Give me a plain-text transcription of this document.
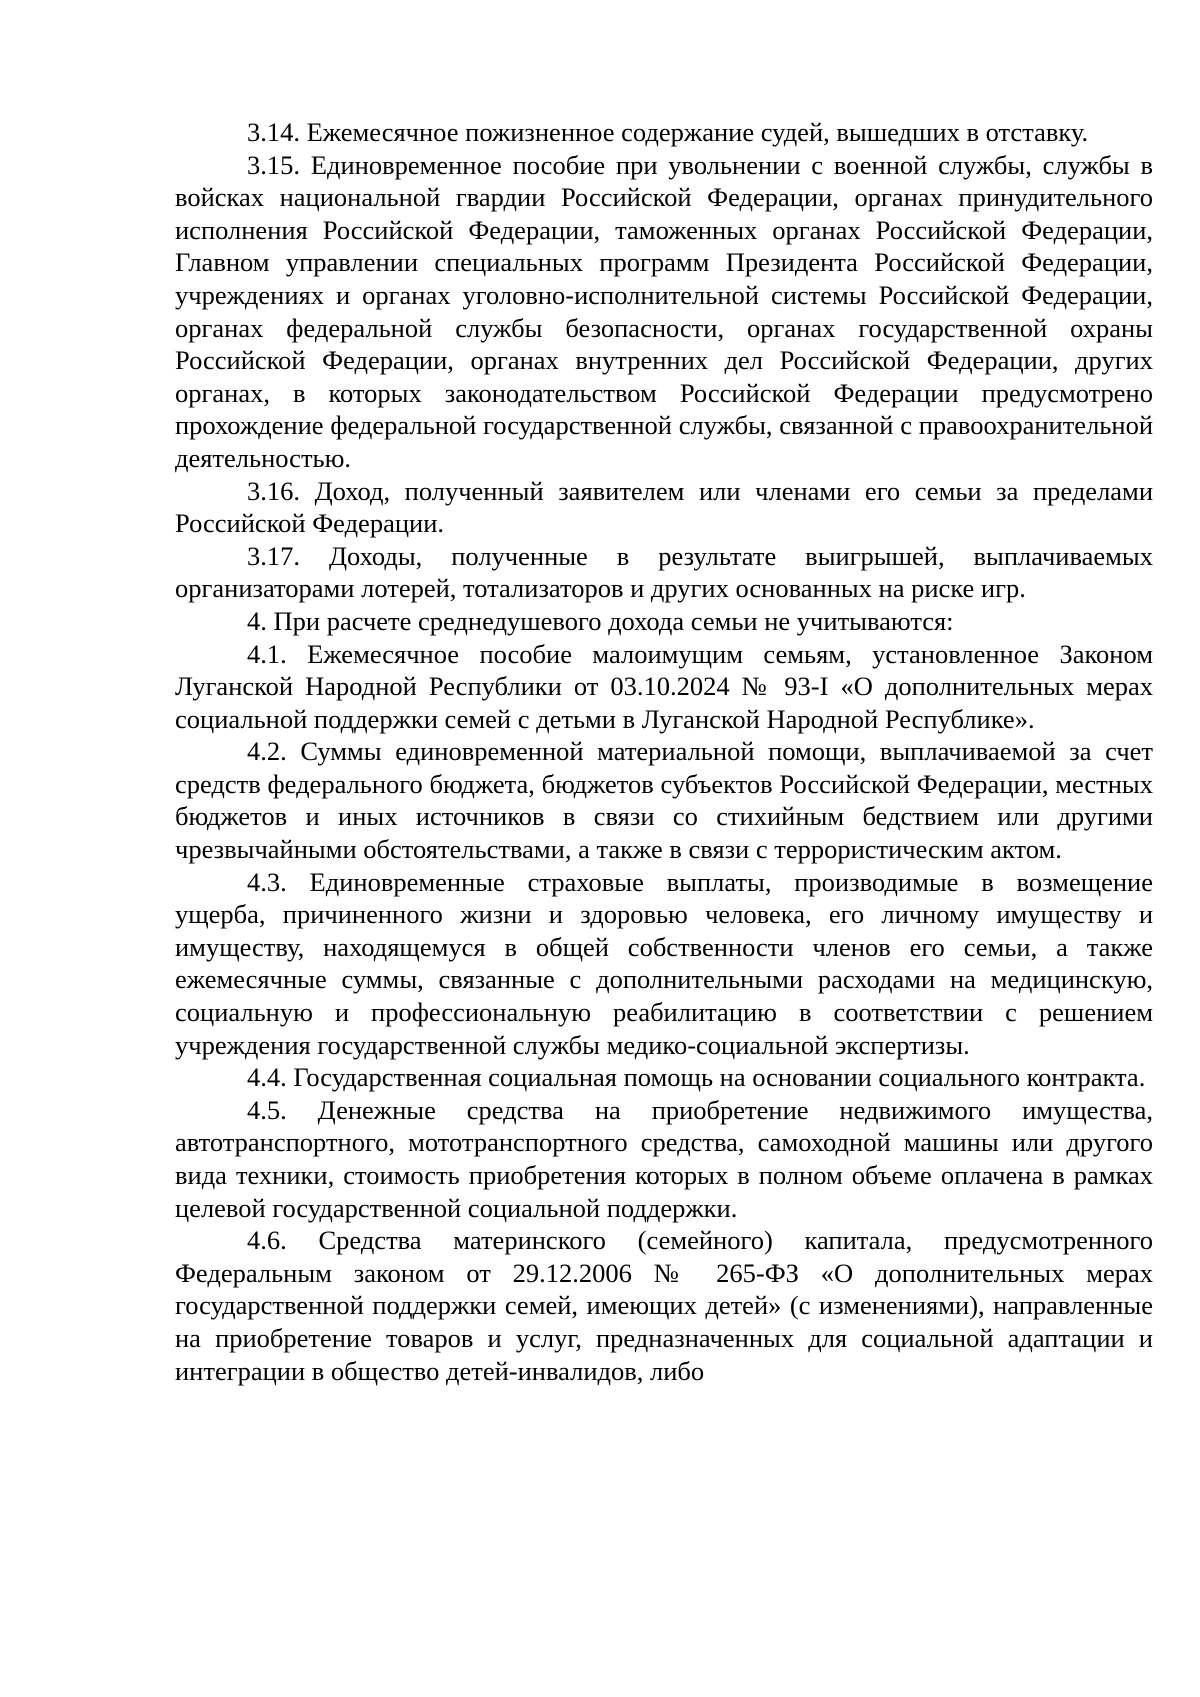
3.14. Ежемесячное пожизненное содержание судей, вышедших в отставку.

3.15. Единовременное пособие при увольнении с военной службы, службы в войсках национальной гвардии Российской Федерации, органах принудительного исполнения Российской Федерации, таможенных органах Российской Федерации, Главном управлении специальных программ Президента Российской Федерации, учреждениях и органах уголовно-исполнительной системы Российской Федерации, органах федеральной службы безопасности, органах государственной охраны Российской Федерации, органах внутренних дел Российской Федерации, других органах, в которых законодательством Российской Федерации предусмотрено прохождение федеральной государственной службы, связанной с правоохранительной деятельностью.

3.16. Доход, полученный заявителем или членами его семьи за пределами Российской Федерации.

3.17. Доходы, полученные в результате выигрышей, выплачиваемых организаторами лотерей, тотализаторов и других основанных на риске игр.

4. При расчете среднедушевого дохода семьи не учитываются:

4.1. Ежемесячное пособие малоимущим семьям, установленное Законом Луганской Народной Республики от 03.10.2024 № 93-I «О дополнительных мерах социальной поддержки семей с детьми в Луганской Народной Республике».

4.2. Суммы единовременной материальной помощи, выплачиваемой за счет средств федерального бюджета, бюджетов субъектов Российской Федерации, местных бюджетов и иных источников в связи со стихийным бедствием или другими чрезвычайными обстоятельствами, а также в связи с террористическим актом.

4.3. Единовременные страховые выплаты, производимые в возмещение ущерба, причиненного жизни и здоровью человека, его личному имуществу и имуществу, находящемуся в общей собственности членов его семьи, а также ежемесячные суммы, связанные с дополнительными расходами на медицинскую, социальную и профессиональную реабилитацию в соответствии с решением учреждения государственной службы медико-социальной экспертизы.

4.4. Государственная социальная помощь на основании социального контракта.

4.5. Денежные средства на приобретение недвижимого имущества, автотранспортного, мототранспортного средства, самоходной машины или другого вида техники, стоимость приобретения которых в полном объеме оплачена в рамках целевой государственной социальной поддержки.

4.6. Средства материнского (семейного) капитала, предусмотренного Федеральным законом от 29.12.2006 № 265-ФЗ «О дополнительных мерах государственной поддержки семей, имеющих детей» (с изменениями), направленные на приобретение товаров и услуг, предназначенных для социальной адаптации и интеграции в общество детей-инвалидов, либо
